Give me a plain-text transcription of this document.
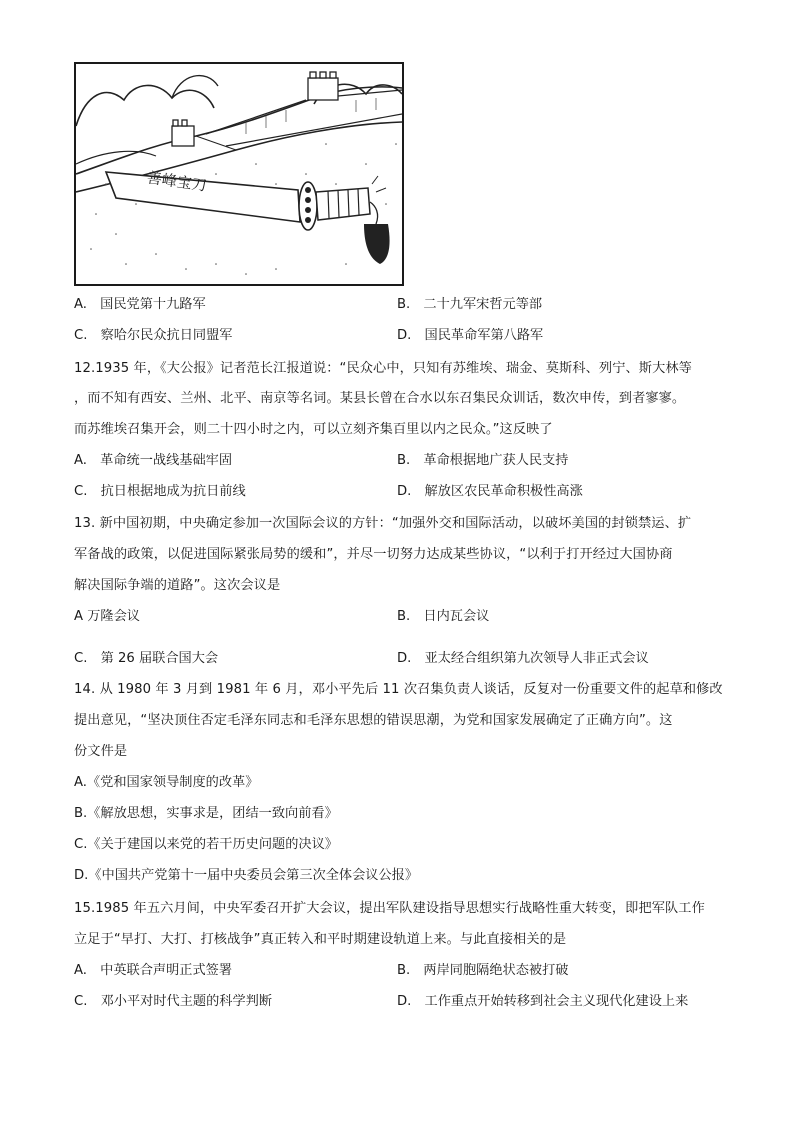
善峰宝刀
A.　国民党第十九路军	B.　二十九军宋哲元等部
C.　察哈尔民众抗日同盟军	D.　国民革命军第八路军
12.1935 年，《大公报》记者范长江报道说：“民众心中，只知有苏维埃、瑞金、莫斯科、列宁、斯大林等
，而不知有西安、兰州、北平、南京等名词。某县长曾在合水以东召集民众训话，数次申传，到者寥寥。
而苏维埃召集开会，则二十四小时之内，可以立刻齐集百里以内之民众。”这反映了
A.　革命统一战线基础牢固	B.　革命根据地广获人民支持
C.　抗日根据地成为抗日前线	D.　解放区农民革命积极性高涨
13. 新中国初期，中央确定参加一次国际会议的方针：“加强外交和国际活动，以破坏美国的封锁禁运、扩
军备战的政策，以促进国际紧张局势的缓和”，并尽一切努力达成某些协议，“以利于打开经过大国协商
解决国际争端的道路”。这次会议是
A 万隆会议	B.　日内瓦会议
C.　第 26 届联合国大会	D.　亚太经合组织第九次领导人非正式会议
14. 从 1980 年 3 月到 1981 年 6 月，邓小平先后 11 次召集负责人谈话，反复对一份重要文件的起草和修改
提出意见，“坚决顶住否定毛泽东同志和毛泽东思想的错误思潮，为党和国家发展确定了正确方向”。这
份文件是
A.《党和国家领导制度的改革》
B.《解放思想，实事求是，团结一致向前看》
C.《关于建国以来党的若干历史问题的决议》
D.《中国共产党第十一届中央委员会第三次全体会议公报》
15.1985 年五六月间，中央军委召开扩大会议，提出军队建设指导思想实行战略性重大转变，即把军队工作
立足于“早打、大打、打核战争”真正转入和平时期建设轨道上来。与此直接相关的是
A.　中英联合声明正式签署	B.　两岸同胞隔绝状态被打破
C.　邓小平对时代主题的科学判断	D.　工作重点开始转移到社会主义现代化建设上来
